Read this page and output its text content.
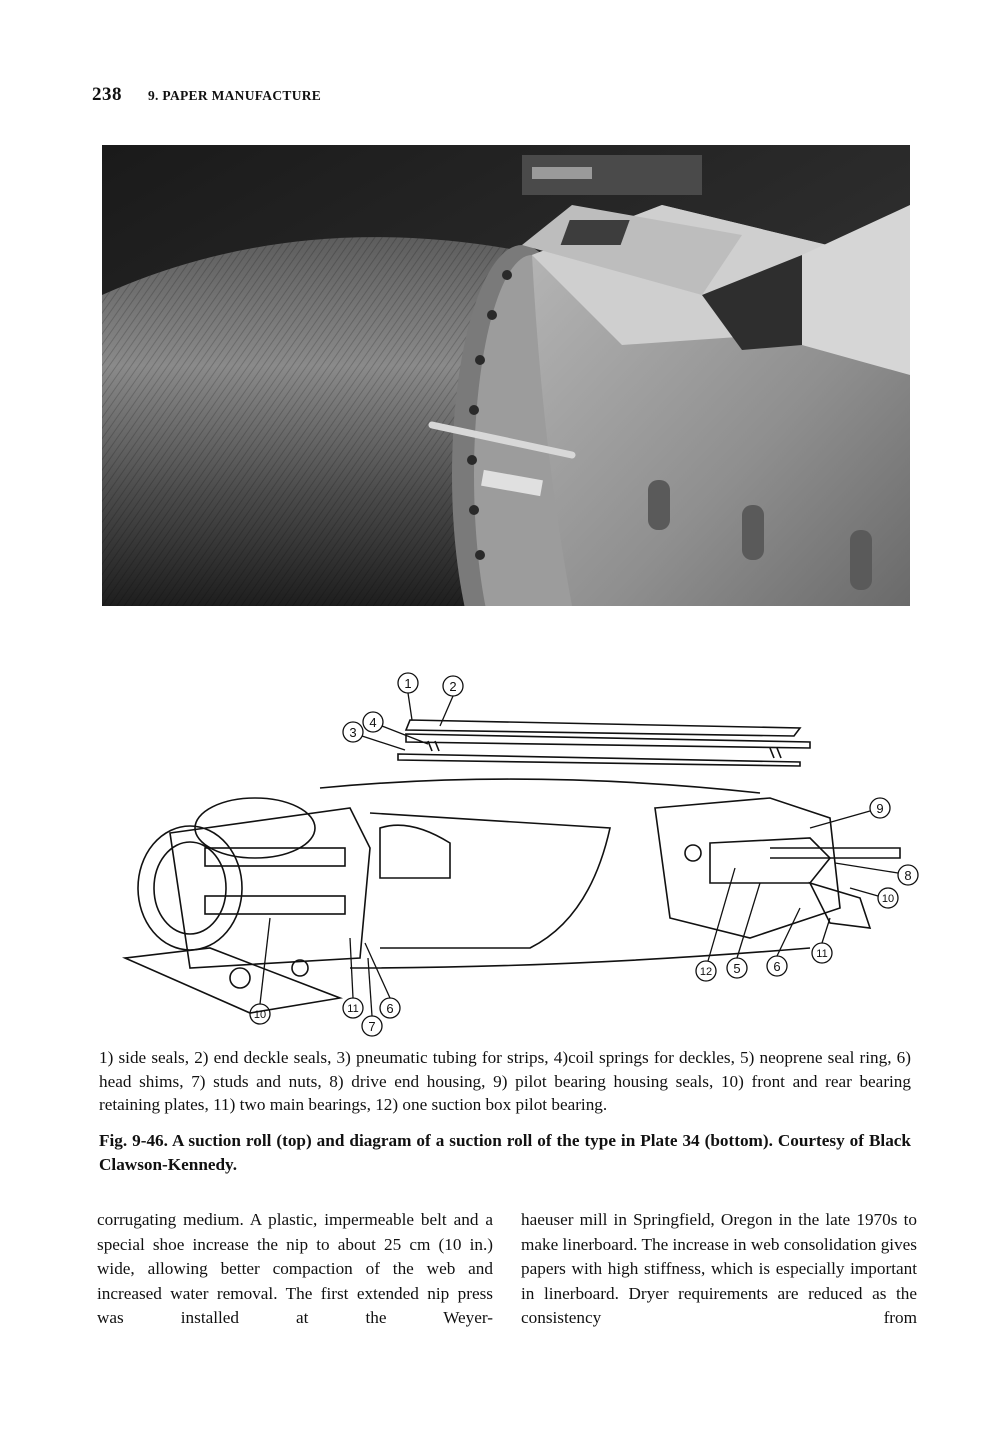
238 9. PAPER MANUFACTURE
1	2
3
4
9
8
10
12 5	6
11
10	11 6
7
1) side seals, 2) end deckle seals, 3) pneumatic tubing for strips, 4)coil springs for deckles, 5) neoprene seal ring, 6) head shims, 7) studs and nuts, 8) drive end housing, 9) pilot bearing housing seals, 10) front and rear bearing retaining plates, 11) two main bearings, 12) one suction box pilot bearing.
Fig. 9-46. A suction roll (top) and diagram of a suction roll of the type in Plate 34 (bottom). Courtesy of Black Clawson-Kennedy.
corrugating medium. A plastic, impermeable belt and a special shoe increase the nip to about 25 cm (10 in.) wide, allowing better compaction of the web and increased water removal. The first extended nip press was installed at the Weyer-
haeuser mill in Springfield, Oregon in the late 1970s to make linerboard. The increase in web consolidation gives papers with high stiffness, which is especially important in linerboard. Dryer requirements are reduced as the consistency from
